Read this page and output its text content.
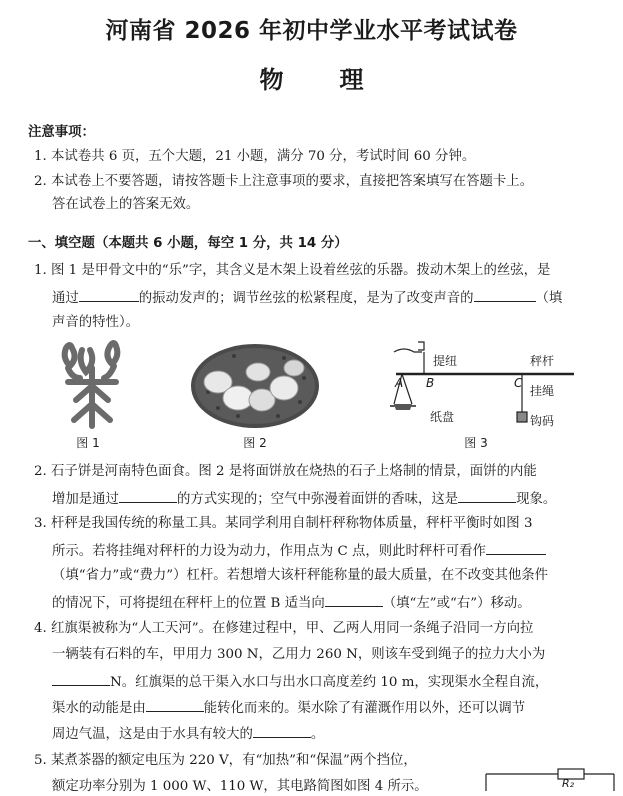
河南省 2026 年初中学业水平考试试卷
物理
注意事项：
1. 本试卷共 6 页，五个大题，21 小题，满分 70 分，考试时间 60 分钟。
2. 本试卷上不要答题，请按答题卡上注意事项的要求，直接把答案填写在答题卡上。
答在试卷上的答案无效。
一、填空题（本题共 6 小题，每空 1 分，共 14 分）
1. 图 1 是甲骨文中的“乐”字，其含义是木架上设着丝弦的乐器。拨动木架上的丝弦，是
通过	的振动发声的；调节丝弦的松紧程度，是为了改变声音的	（填
声音的特性）。
图 1	图 2
提纽	秤杆
A B	C
挂绳
纸盘	钩码
图 3
2. 石子饼是河南特色面食。图 2 是将面饼放在烧热的石子上烙制的情景，面饼的内能
增加是通过	的方式实现的；空气中弥漫着面饼的香味，这是	现象。
3. 杆秤是我国传统的称量工具。某同学利用自制杆秤称物体质量，秤杆平衡时如图 3
所示。若将挂绳对秤杆的力设为动力，作用点为 C 点，则此时秤杆可看作
（填“省力”或“费力”）杠杆。若想增大该杆秤能称量的最大质量，在不改变其他条件
的情况下，可将提纽在秤杆上的位置 B 适当向	（填“左”或“右”）移动。
4. 红旗渠被称为“人工天河”。在修建过程中，甲、乙两人用同一条绳子沿同一方向拉
一辆装有石料的车，甲用力 300 N，乙用力 260 N，则该车受到绳子的拉力大小为
N。红旗渠的总干渠入水口与出水口高度差约 10 m，实现渠水全程自流，
渠水的动能是由	能转化而来的。渠水除了有灌溉作用以外，还可以调节
周边气温，这是由于水具有较大的	。
5. 某煮茶器的额定电压为 220 V，有“加热”和“保温”两个挡位，
额定功率分别为 1 000 W、110 W，其电路简图如图 4 所示。	R₂
